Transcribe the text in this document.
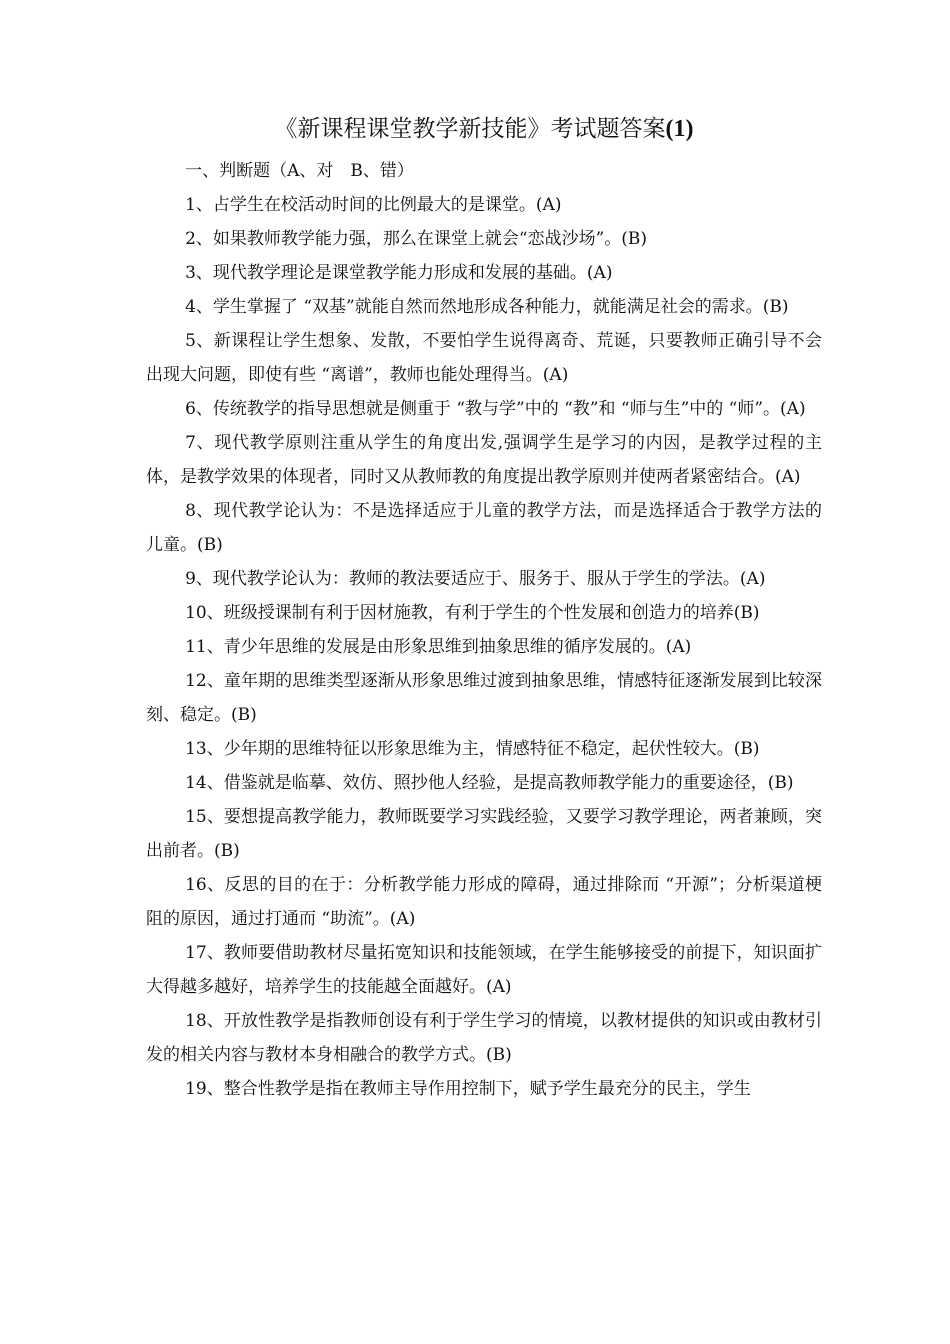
《新课程课堂教学新技能》考试题答案(1)

一、判断题（A、对　B、错）

1、占学生在校活动时间的比例最大的是课堂。(A)

2、如果教师教学能力强，那么在课堂上就会“恋战沙场”。(B)

3、现代教学理论是课堂教学能力形成和发展的基础。(A)

4、学生掌握了 “双基”就能自然而然地形成各种能力，就能满足社会的需求。(B)

5、新课程让学生想象、发散，不要怕学生说得离奇、荒诞，只要教师正确引导不会出现大问题，即使有些 “离谱”，教师也能处理得当。(A)

6、传统教学的指导思想就是侧重于 “教与学”中的 “教”和 “师与生”中的 “师”。(A)

7、现代教学原则注重从学生的角度出发,强调学生是学习的内因，是教学过程的主体，是教学效果的体现者，同时又从教师教的角度提出教学原则并使两者紧密结合。(A)

8、现代教学论认为：不是选择适应于儿童的教学方法，而是选择适合于教学方法的儿童。(B)

9、现代教学论认为：教师的教法要适应于、服务于、服从于学生的学法。(A)

10、班级授课制有利于因材施教，有利于学生的个性发展和创造力的培养(B)

11、青少年思维的发展是由形象思维到抽象思维的循序发展的。(A)

12、童年期的思维类型逐渐从形象思维过渡到抽象思维，情感特征逐渐发展到比较深刻、稳定。(B)

13、少年期的思维特征以形象思维为主，情感特征不稳定，起伏性较大。(B)

14、借鉴就是临摹、效仿、照抄他人经验，是提高教师教学能力的重要途径，(B)

15、要想提高教学能力，教师既要学习实践经验，又要学习教学理论，两者兼顾，突出前者。(B)

16、反思的目的在于：分析教学能力形成的障碍，通过排除而 “开源”；分析渠道梗阻的原因，通过打通而 “助流”。(A)

17、教师要借助教材尽量拓宽知识和技能领域，在学生能够接受的前提下，知识面扩大得越多越好，培养学生的技能越全面越好。(A)

18、开放性教学是指教师创设有利于学生学习的情境，以教材提供的知识或由教材引发的相关内容与教材本身相融合的教学方式。(B)

19、整合性教学是指在教师主导作用控制下，赋予学生最充分的民主，学生
